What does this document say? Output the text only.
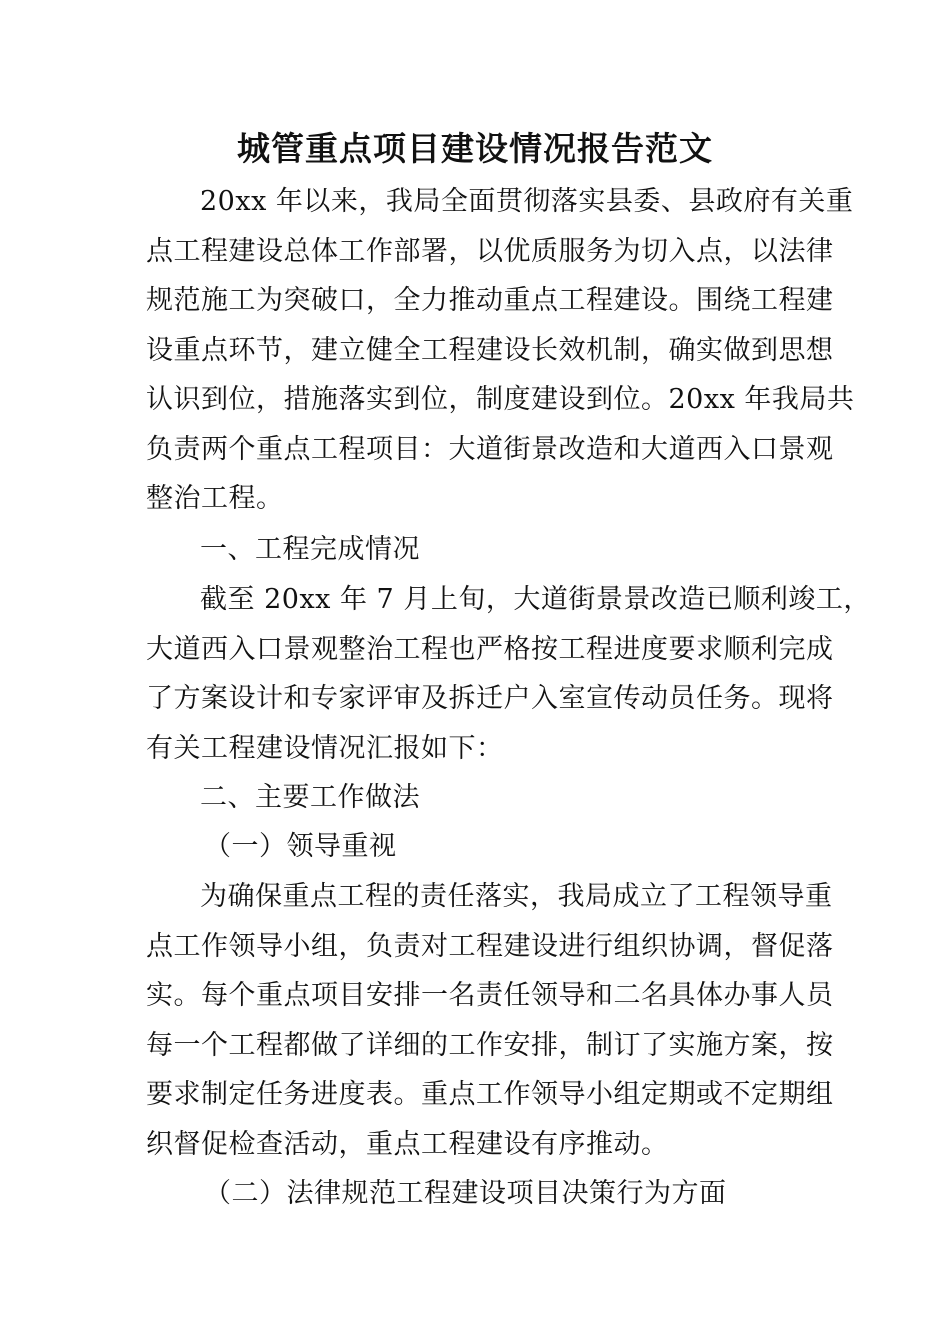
城管重点项目建设情况报告范文
20xx 年以来，我局全面贯彻落实县委、县政府有关重
点工程建设总体工作部署，以优质服务为切入点，以法律
规范施工为突破口，全力推动重点工程建设。围绕工程建
设重点环节，建立健全工程建设长效机制，确实做到思想
认识到位，措施落实到位，制度建设到位。20xx 年我局共
负责两个重点工程项目：大道街景改造和大道西入口景观
整治工程。
一、工程完成情况
截至 20xx 年 7 月上旬，大道街景景改造已顺利竣工，
大道西入口景观整治工程也严格按工程进度要求顺利完成
了方案设计和专家评审及拆迁户入室宣传动员任务。现将
有关工程建设情况汇报如下：
二、主要工作做法
（一）领导重视
为确保重点工程的责任落实，我局成立了工程领导重
点工作领导小组，负责对工程建设进行组织协调，督促落
实。每个重点项目安排一名责任领导和二名具体办事人员
每一个工程都做了详细的工作安排，制订了实施方案，按
要求制定任务进度表。重点工作领导小组定期或不定期组
织督促检查活动，重点工程建设有序推动。
（二）法律规范工程建设项目决策行为方面
